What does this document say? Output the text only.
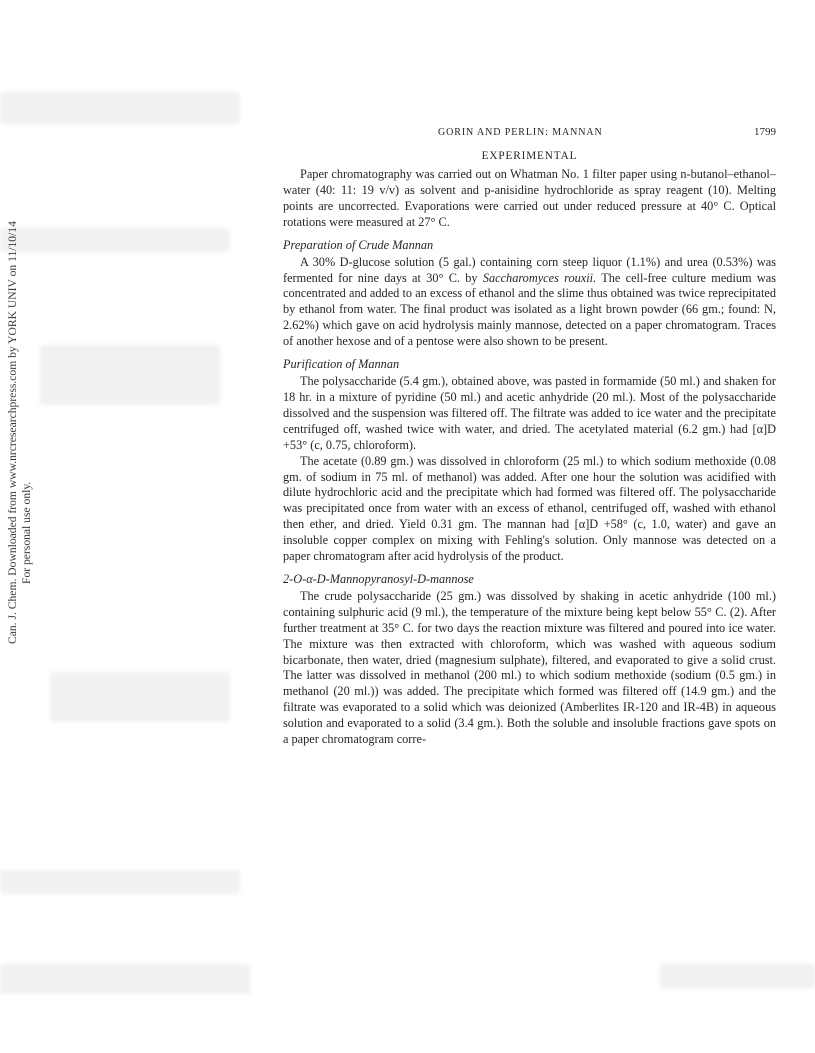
Can. J. Chem. Downloaded from www.nrcresearchpress.com by YORK UNIV on 11/10/14 For personal use only.
GORIN AND PERLIN: MANNAN	1799
EXPERIMENTAL

Paper chromatography was carried out on Whatman No. 1 filter paper using n-butanol–ethanol–water (40: 11: 19 v/v) as solvent and p-anisidine hydrochloride as spray reagent (10). Melting points are uncorrected. Evaporations were carried out under reduced pressure at 40° C. Optical rotations were measured at 27° C.

Preparation of Crude Mannan

A 30% D-glucose solution (5 gal.) containing corn steep liquor (1.1%) and urea (0.53%) was fermented for nine days at 30° C. by Saccharomyces rouxii. The cell-free culture medium was concentrated and added to an excess of ethanol and the slime thus obtained was twice reprecipitated by ethanol from water. The final product was isolated as a light brown powder (66 gm.; found: N, 2.62%) which gave on acid hydrolysis mainly mannose, detected on a paper chromatogram. Traces of another hexose and of a pentose were also shown to be present.

Purification of Mannan

The polysaccharide (5.4 gm.), obtained above, was pasted in formamide (50 ml.) and shaken for 18 hr. in a mixture of pyridine (50 ml.) and acetic anhydride (20 ml.). Most of the polysaccharide dissolved and the suspension was filtered off. The filtrate was added to ice water and the precipitate centrifuged off, washed twice with water, and dried. The acetylated material (6.2 gm.) had [α]D +53° (c, 0.75, chloroform).

The acetate (0.89 gm.) was dissolved in chloroform (25 ml.) to which sodium methoxide (0.08 gm. of sodium in 75 ml. of methanol) was added. After one hour the solution was acidified with dilute hydrochloric acid and the precipitate which had formed was filtered off. The polysaccharide was precipitated once from water with an excess of ethanol, centrifuged off, washed with ethanol then ether, and dried. Yield 0.31 gm. The mannan had [α]D +58° (c, 1.0, water) and gave an insoluble copper complex on mixing with Fehling's solution. Only mannose was detected on a paper chromatogram after acid hydrolysis of the product.

2-O-α-D-Mannopyranosyl-D-mannose

The crude polysaccharide (25 gm.) was dissolved by shaking in acetic anhydride (100 ml.) containing sulphuric acid (9 ml.), the temperature of the mixture being kept below 55° C. (2). After further treatment at 35° C. for two days the reaction mixture was filtered and poured into ice water. The mixture was then extracted with chloroform, which was washed with aqueous sodium bicarbonate, then water, dried (magnesium sulphate), filtered, and evaporated to give a solid crust. The latter was dissolved in methanol (200 ml.) to which sodium methoxide (sodium (0.5 gm.) in methanol (20 ml.)) was added. The precipitate which formed was filtered off (14.9 gm.) and the filtrate was evaporated to a solid which was deionized (Amberlites IR-120 and IR-4B) in aqueous solution and evaporated to a solid (3.4 gm.). Both the soluble and insoluble fractions gave spots on a paper chromatogram corre-
